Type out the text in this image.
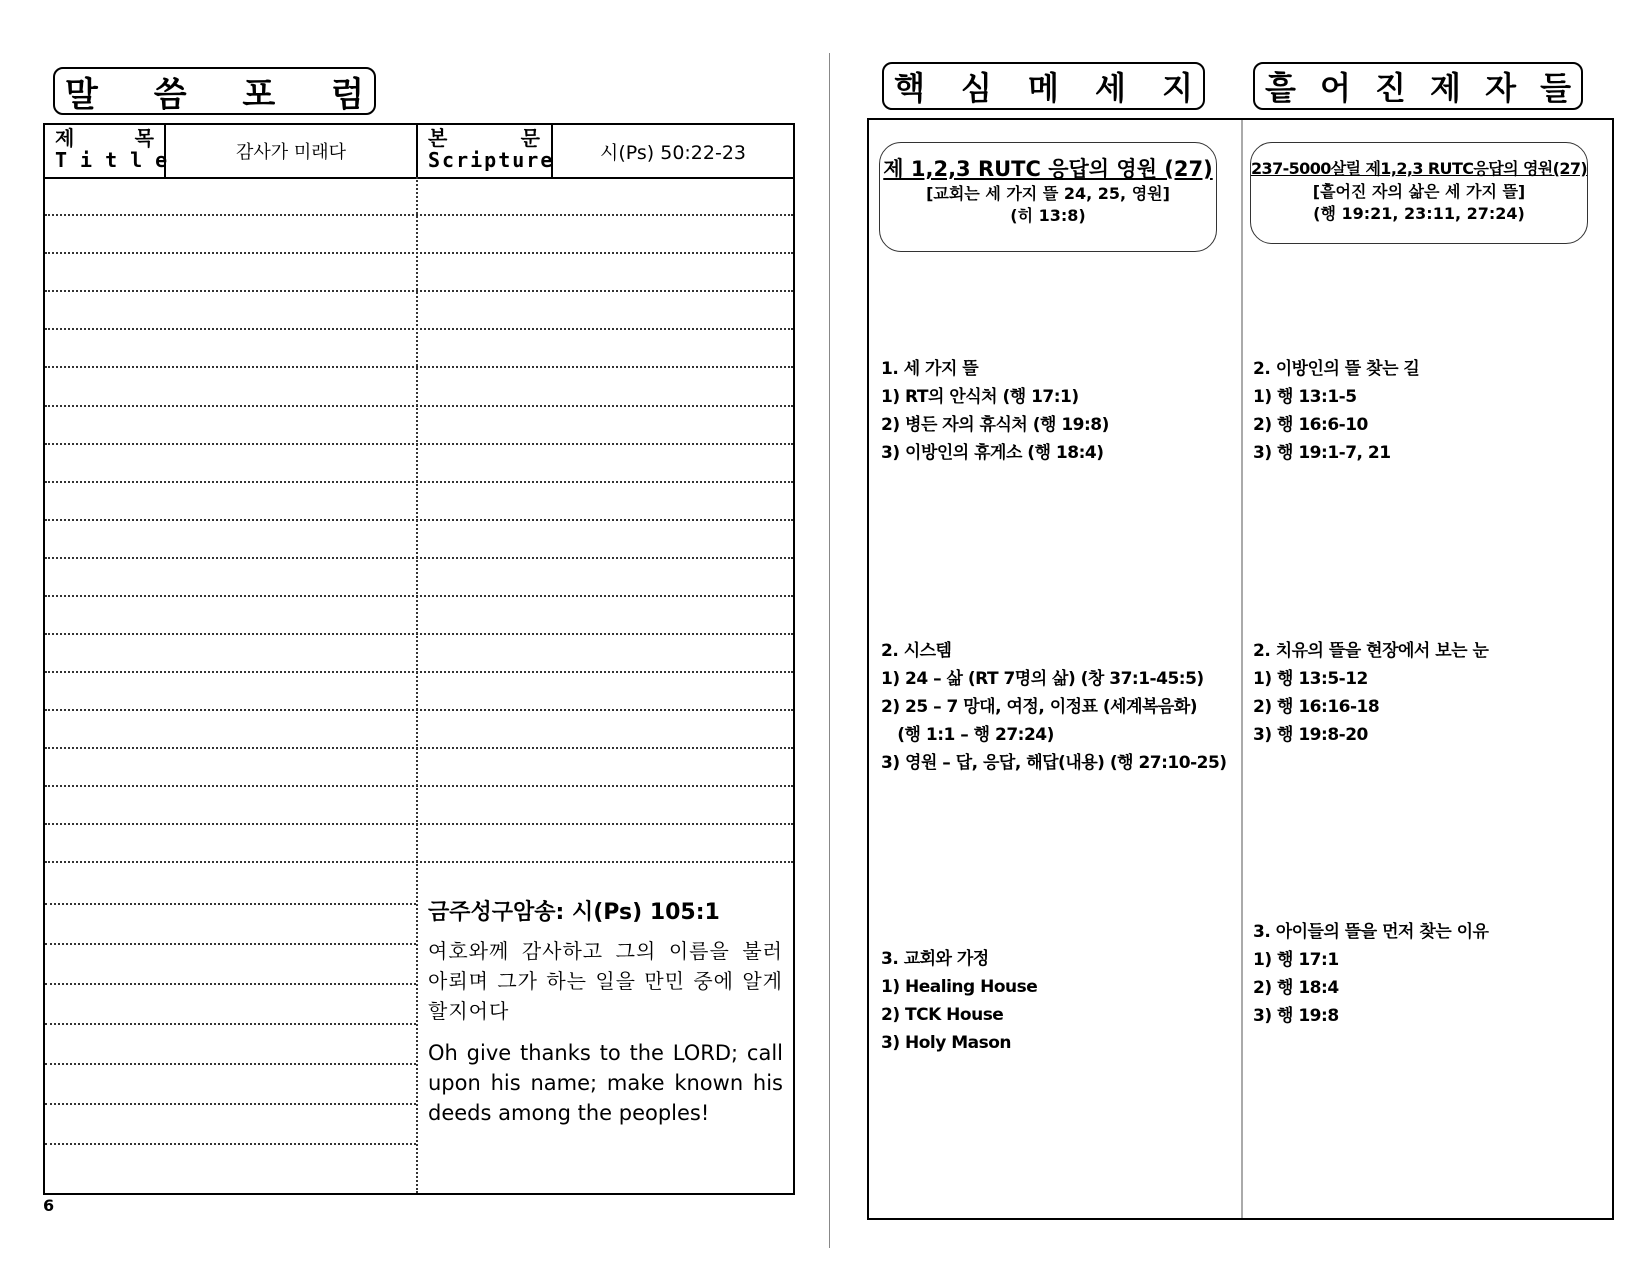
말 씀 포 럼
제	목
Title	감사가 미래다
본	문
Scripture 시(Ps) 50:22-23
금주성구암송: 시(Ps) 105:1
여호와께 감사하고 그의 이름을 불러 아뢰며 그가 하는 일을 만민 중에 알게 할지어다
Oh give thanks to the LORD; call upon his name; make known his deeds among the peoples!
6
핵 심 메 세 지 흩 어 진 제 자 들
제 1,2,3 RUTC 응답의 영원 (27)
[교회는 세 가지 뜰 24, 25, 영원]
(히 13:8)
237-5000살릴 제1,2,3 RUTC응답의 영원(27)
[흩어진 자의 삶은 세 가지 뜰]
(행 19:21, 23:11, 27:24)
1. 세 가지 뜰
1) RT의 안식처 (행 17:1)
2) 병든 자의 휴식처 (행 19:8)
3) 이방인의 휴게소 (행 18:4)
2. 시스템
1) 24 – 삶 (RT 7명의 삶) (창 37:1-45:5)
2) 25 – 7 망대, 여정, 이정표 (세계복음화)
(행 1:1 – 행 27:24)
3) 영원 – 답, 응답, 해답(내용) (행 27:10-25)
3. 교회와 가정
1) Healing House
2) TCK House
3) Holy Mason
2. 이방인의 뜰 찾는 길
1) 행 13:1-5
2) 행 16:6-10
3) 행 19:1-7, 21
2. 치유의 뜰을 현장에서 보는 눈
1) 행 13:5-12
2) 행 16:16-18
3) 행 19:8-20
3. 아이들의 뜰을 먼저 찾는 이유
1) 행 17:1
2) 행 18:4
3) 행 19:8
